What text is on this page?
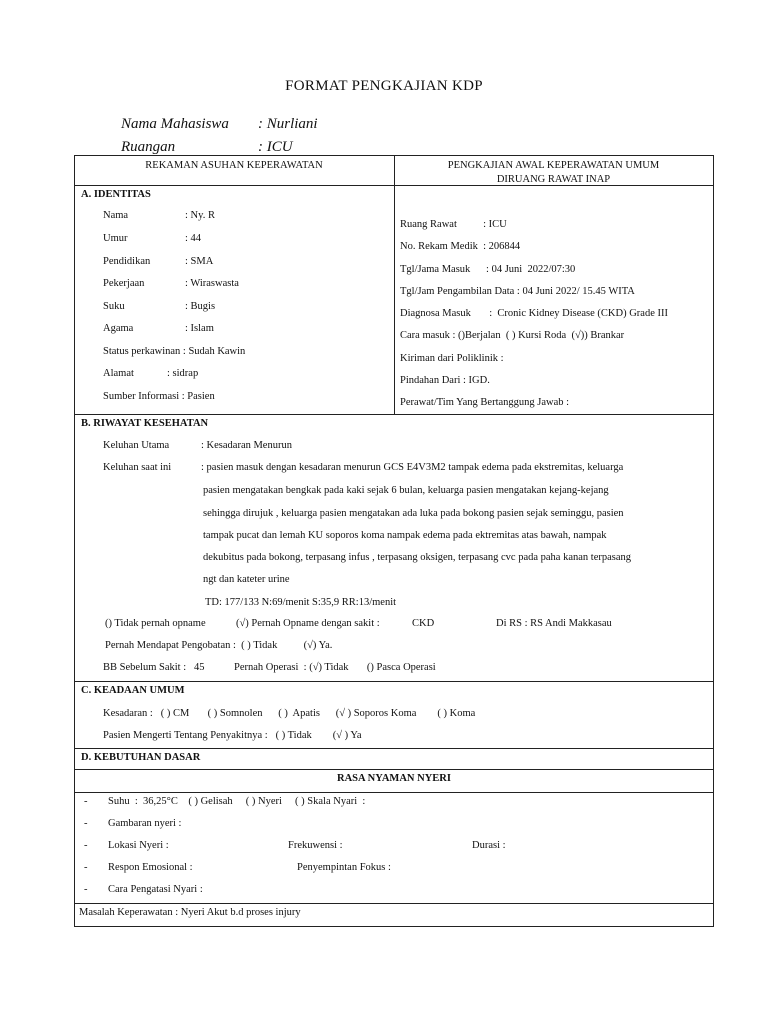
FORMAT PENGKAJIAN KDP
Nama Mahasiswa : Nurliani
Ruangan	: ICU
REKAMAN ASUHAN KEPERAWATAN	PENGKAJIAN AWAL KEPERAWATAN UMUM
DIRUANG RAWAT INAP
A. IDENTITAS
Nama	: Ny. R
Umur	: 44
Pendidikan	: SMA
Pekerjaan	: Wiraswasta
Suku	: Bugis
Agama	: Islam
Status perkawinan : Sudah Kawin
Alamat	: sidrap
Sumber Informasi : Pasien
Ruang Rawat          : ICU
No. Rekam Medik  : 206844
Tgl/Jama Masuk      : 04 Juni  2022/07:30
Tgl/Jam Pengambilan Data : 04 Juni 2022/ 15.45 WITA
Diagnosa Masuk       :  Cronic Kidney Disease (CKD) Grade III
Cara masuk : ()Berjalan  ( ) Kursi Roda  (√)) Brankar
Kiriman dari Poliklinik :
Pindahan Dari : IGD.
Perawat/Tim Yang Bertanggung Jawab :
B. RIWAYAT KESEHATAN
Keluhan Utama	: Kesadaran Menurun
Keluhan saat ini	: pasien masuk dengan kesadaran menurun GCS E4V3M2 tampak edema pada ekstremitas, keluarga
pasien mengatakan bengkak pada kaki sejak 6 bulan, keluarga pasien mengatakan kejang-kejang
sehingga dirujuk , keluarga pasien mengatakan ada luka pada bokong pasien sejak seminggu, pasien
tampak pucat dan lemah KU soporos koma nampak edema pada ektremitas atas bawah, nampak
dekubitus pada bokong, terpasang infus , terpasang oksigen, terpasang cvc pada paha kanan terpasang
ngt dan kateter urine
TD: 177/133 N:69/menit S:35,9 RR:13/menit
() Tidak pernah opname	(√) Pernah Opname dengan sakit :	CKD	Di RS : RS Andi Makkasau
Pernah Mendapat Pengobatan :  ( ) Tidak          (√) Ya.
BB Sebelum Sakit :   45	Pernah Operasi  : (√) Tidak       () Pasca Operasi
C. KEADAAN UMUM
Kesadaran :   ( ) CM       ( ) Somnolen      ( )  Apatis      (√ ) Soporos Koma        ( ) Koma
Pasien Mengerti Tentang Penyakitnya :   ( ) Tidak        (√ ) Ya
D. KEBUTUHAN DASAR
RASA NYAMAN NYERI
- Suhu  :  36,25°C    ( ) Gelisah     ( ) Nyeri     ( ) Skala Nyari  :
- Gambaran nyeri :
- Lokasi Nyeri :	Frekuwensi :	Durasi :
- Respon Emosional :	Penyempintan Fokus :
- Cara Pengatasi Nyari :
Masalah Keperawatan : Nyeri Akut b.d proses injury
